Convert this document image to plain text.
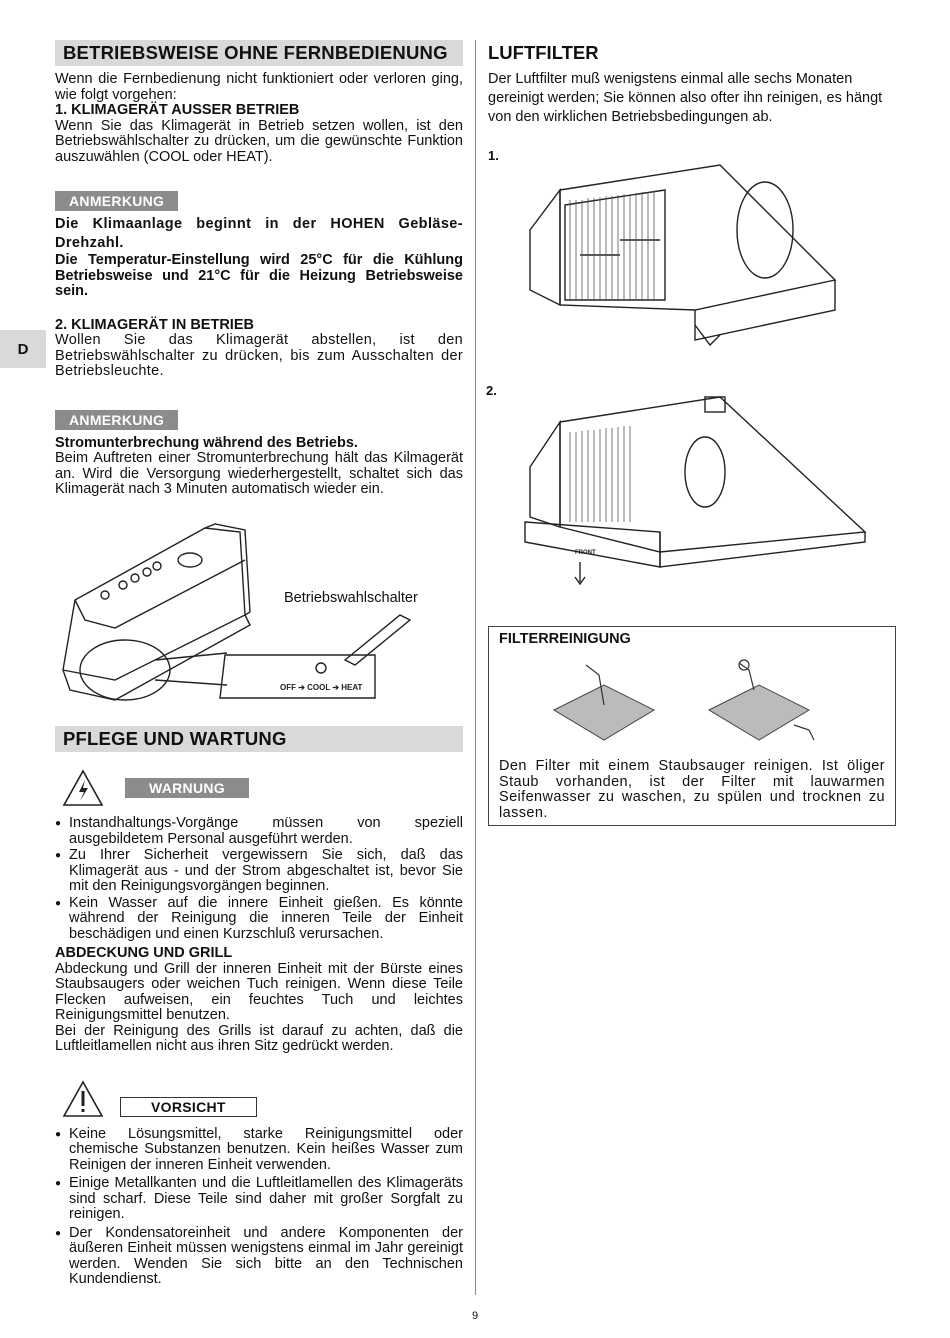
D
BETRIEBSWEISE OHNE FERNBEDIENUNG

Wenn die Fernbedienung nicht funktioniert oder verloren ging, wie folgt vorgehen:

1. KLIMAGERÄT AUSSER BETRIEB

Wenn Sie das Klimagerät in Betrieb setzen wollen, ist den Betriebswählschalter zu drücken, um die gewünschte Funktion auszuwählen (COOL oder HEAT).

ANMERKUNG

Die Klimaanlage beginnt in der HOHEN Gebläse-Drehzahl.

Die Temperatur-Einstellung wird 25°C für die Kühlung Betriebsweise und 21°C für die Heizung Betriebsweise sein.

2. KLIMAGERÄT IN BETRIEB

Wollen Sie das Klimagerät abstellen, ist den Betriebswählschalter zu drücken, bis zum Ausschalten der Betriebsleuchte.

ANMERKUNG

Stromunterbrechung während des Betriebs.

Beim Auftreten einer Stromunterbrechung hält das Kilmagerät an. Wird die Versorgung wiederhergestellt, schaltet sich das Klimagerät nach 3 Minuten automatisch wieder ein.

OFF ➔ COOL ➔ HEAT
Betriebswahlschalter
PFLEGE UND WARTUNG
WARNUNG
● Instandhaltungs-Vorgänge müssen von speziell ausgebildetem Personal ausgeführt werden.
● Zu Ihrer Sicherheit vergewissern Sie sich, daß das Klimagerät aus - und der Strom abgeschaltet ist, bevor Sie mit den Reinigungsvorgängen beginnen.
● Kein Wasser auf die innere Einheit gießen. Es könnte während der Reinigung die inneren Teile der Einheit beschädigen und einen Kurzschluß verursachen.

ABDECKUNG UND GRILL

Abdeckung und Grill der inneren Einheit mit der Bürste eines Staubsaugers oder weichen Tuch reinigen. Wenn diese Teile Flecken aufweisen, ein feuchtes Tuch und leichtes Reinigungsmittel benutzen.

Bei der Reinigung des Grills ist darauf zu achten, daß die Luftleitlamellen nicht aus ihren Sitz gedrückt werden.

VORSICHT
● Keine Lösungsmittel, starke Reinigungsmittel oder chemische Substanzen benutzen. Kein heißes Wasser zum Reinigen der inneren Einheit verwenden.
● Einige Metallkanten und die Luftleitlamellen des Klimageräts sind scharf. Diese Teile sind daher mit großer Sorgfalt zu reinigen.
● Der Kondensatoreinheit und andere Komponenten der äußeren Einheit müssen wenigstens einmal im Jahr gereinigt werden. Wenden Sie sich bitte an den Technischen Kundendienst.
LUFTFILTER

Der Luftfilter muß wenigstens einmal alle sechs Monaten gereinigt werden; Sie können also ofter ihn reinigen, es hängt von den wirklichen Betriebsbedingungen ab.

1.
2.
FRONT
FILTERREINIGUNG

Den Filter mit einem Staubsauger reinigen. Ist öliger Staub vorhanden, ist der Filter mit lauwarmen Seifenwasser zu waschen, zu spülen und trocknen zu lassen.

9
